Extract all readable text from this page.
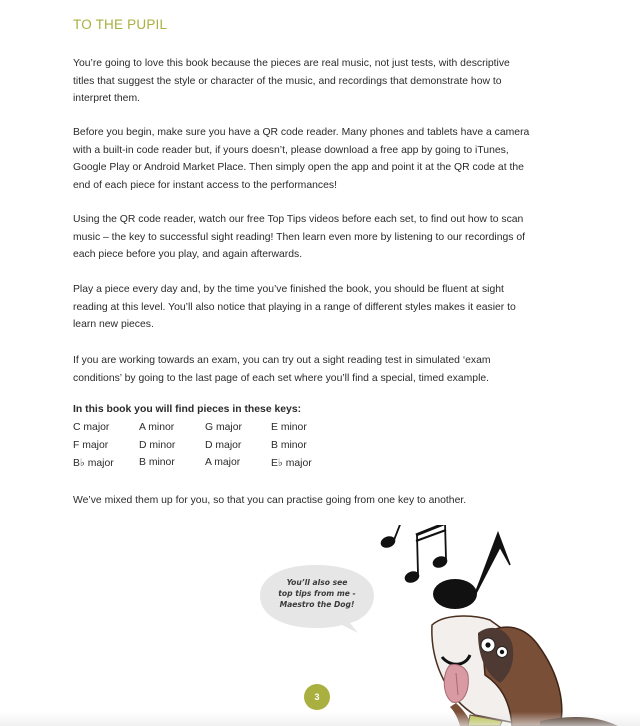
TO THE PUPIL

You’re going to love this book because the pieces are real music, not just tests, with descriptive titles that suggest the style or character of the music, and recordings that demonstrate how to interpret them.

Before you begin, make sure you have a QR code reader. Many phones and tablets have a camera with a built-in code reader but, if yours doesn’t, please download a free app by going to iTunes, Google Play or Android Market Place. Then simply open the app and point it at the QR code at the end of each piece for instant access to the performances!

Using the QR code reader, watch our free Top Tips videos before each set, to find out how to scan music – the key to successful sight reading! Then learn even more by listening to our recordings of each piece before you play, and again afterwards.

Play a piece every day and, by the time you’ve finished the book, you should be fluent at sight reading at this level. You’ll also notice that playing in a range of different styles makes it easier to learn new pieces.

If you are working towards an exam, you can try out a sight reading test in simulated ‘exam conditions’ by going to the last page of each set where you’ll find a special, timed example.

In this book you will find pieces in these keys:

C major	A minor	G major	E minor
F major	D minor	D major	B minor
B♭ major	B minor	A major	E♭ major

We’ve mixed them up for you, so that you can practise going from one key to another.

You’ll also see
top tips from me -
Maestro the Dog!
3
